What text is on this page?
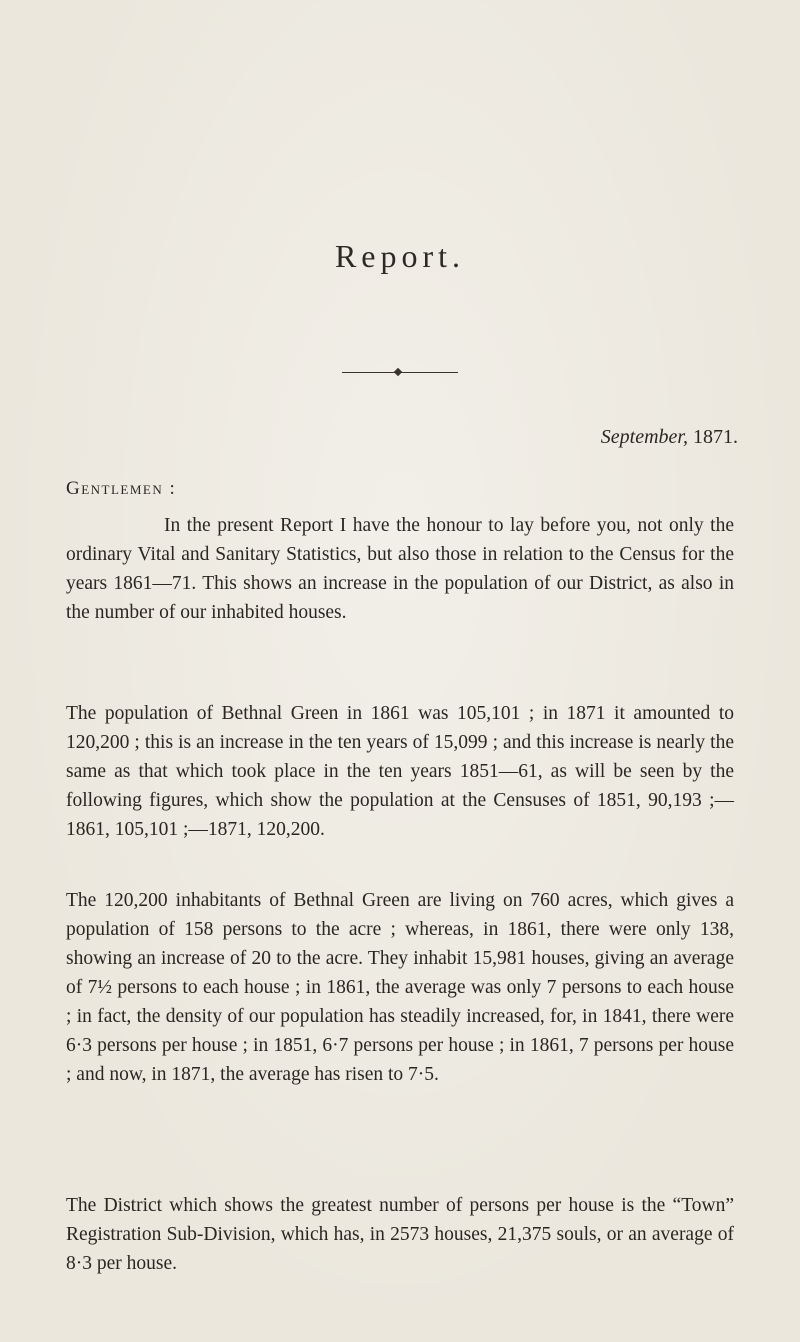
Report.
September, 1871.
Gentlemen :

In the present Report I have the honour to lay before you, not only the ordinary Vital and Sanitary Statistics, but also those in relation to the Census for the years 1861—71. This shows an increase in the population of our District, as also in the number of our inhabited houses.

The population of Bethnal Green in 1861 was 105,101 ; in 1871 it amounted to 120,200 ; this is an increase in the ten years of 15,099 ; and this increase is nearly the same as that which took place in the ten years 1851—61, as will be seen by the following figures, which show the population at the Censuses of 1851, 90,193 ;—1861, 105,101 ;—1871, 120,200.

The 120,200 inhabitants of Bethnal Green are living on 760 acres, which gives a population of 158 persons to the acre ; whereas, in 1861, there were only 138, showing an increase of 20 to the acre. They inhabit 15,981 houses, giving an average of 7½ persons to each house ; in 1861, the average was only 7 persons to each house ; in fact, the density of our population has steadily increased, for, in 1841, there were 6·3 persons per house ; in 1851, 6·7 persons per house ; in 1861, 7 persons per house ; and now, in 1871, the average has risen to 7·5.

The District which shows the greatest number of persons per house is the “Town” Registration Sub-Division, which has, in 2573 houses, 21,375 souls, or an average of 8·3 per house.
